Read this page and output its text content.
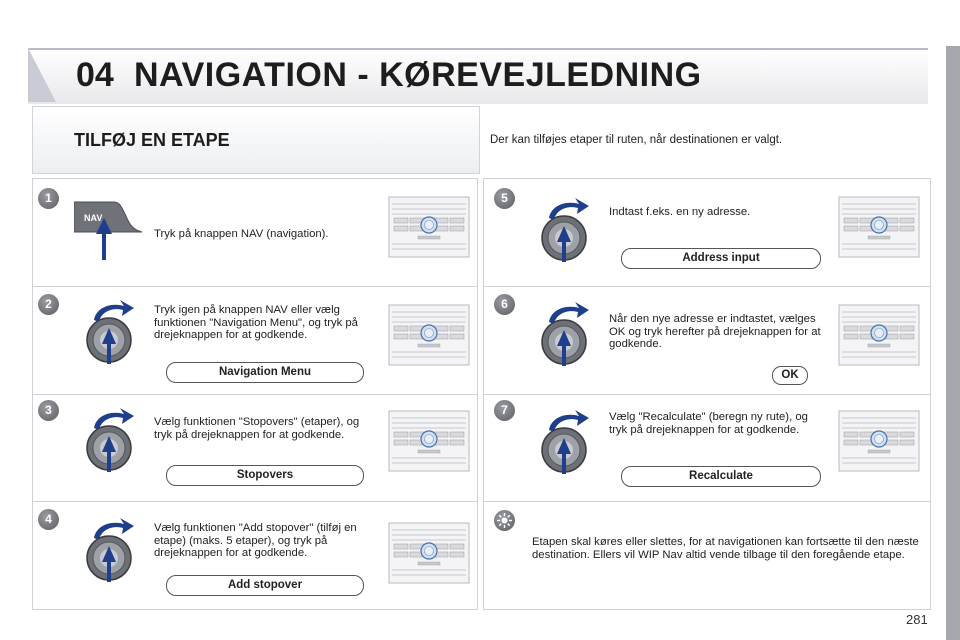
04 NAVIGATION - KØREVEJLEDNING
TILFØJ EN ETAPE	Der kan tilføjes etaper til ruten, når destinationen er valgt.
1
2
3
4
NAV
Tryk på knappen NAV (navigation).
Tryk igen på knappen NAV eller vælg funktionen "Navigation Menu", og tryk på drejeknappen for at godkende.
Vælg funktionen "Stopovers" (etaper), og tryk på drejeknappen for at godkende.
Vælg funktionen "Add stopover" (tilføj en etape) (maks. 5 etaper), og tryk på drejeknappen for at godkende.
Navigation Menu
Stopovers
Add stopover
5
6
7
Indtast f.eks. en ny adresse.
Når den nye adresse er indtastet, vælges OK og tryk herefter på drejeknappen for at godkende.
Vælg "Recalculate" (beregn ny rute), og tryk på drejeknappen for at godkende.
Address input
OK
Recalculate
Etapen skal køres eller slettes, for at navigationen kan fortsætte til den næste destination. Ellers vil WIP Nav altid vende tilbage til den foregående etape.
281
